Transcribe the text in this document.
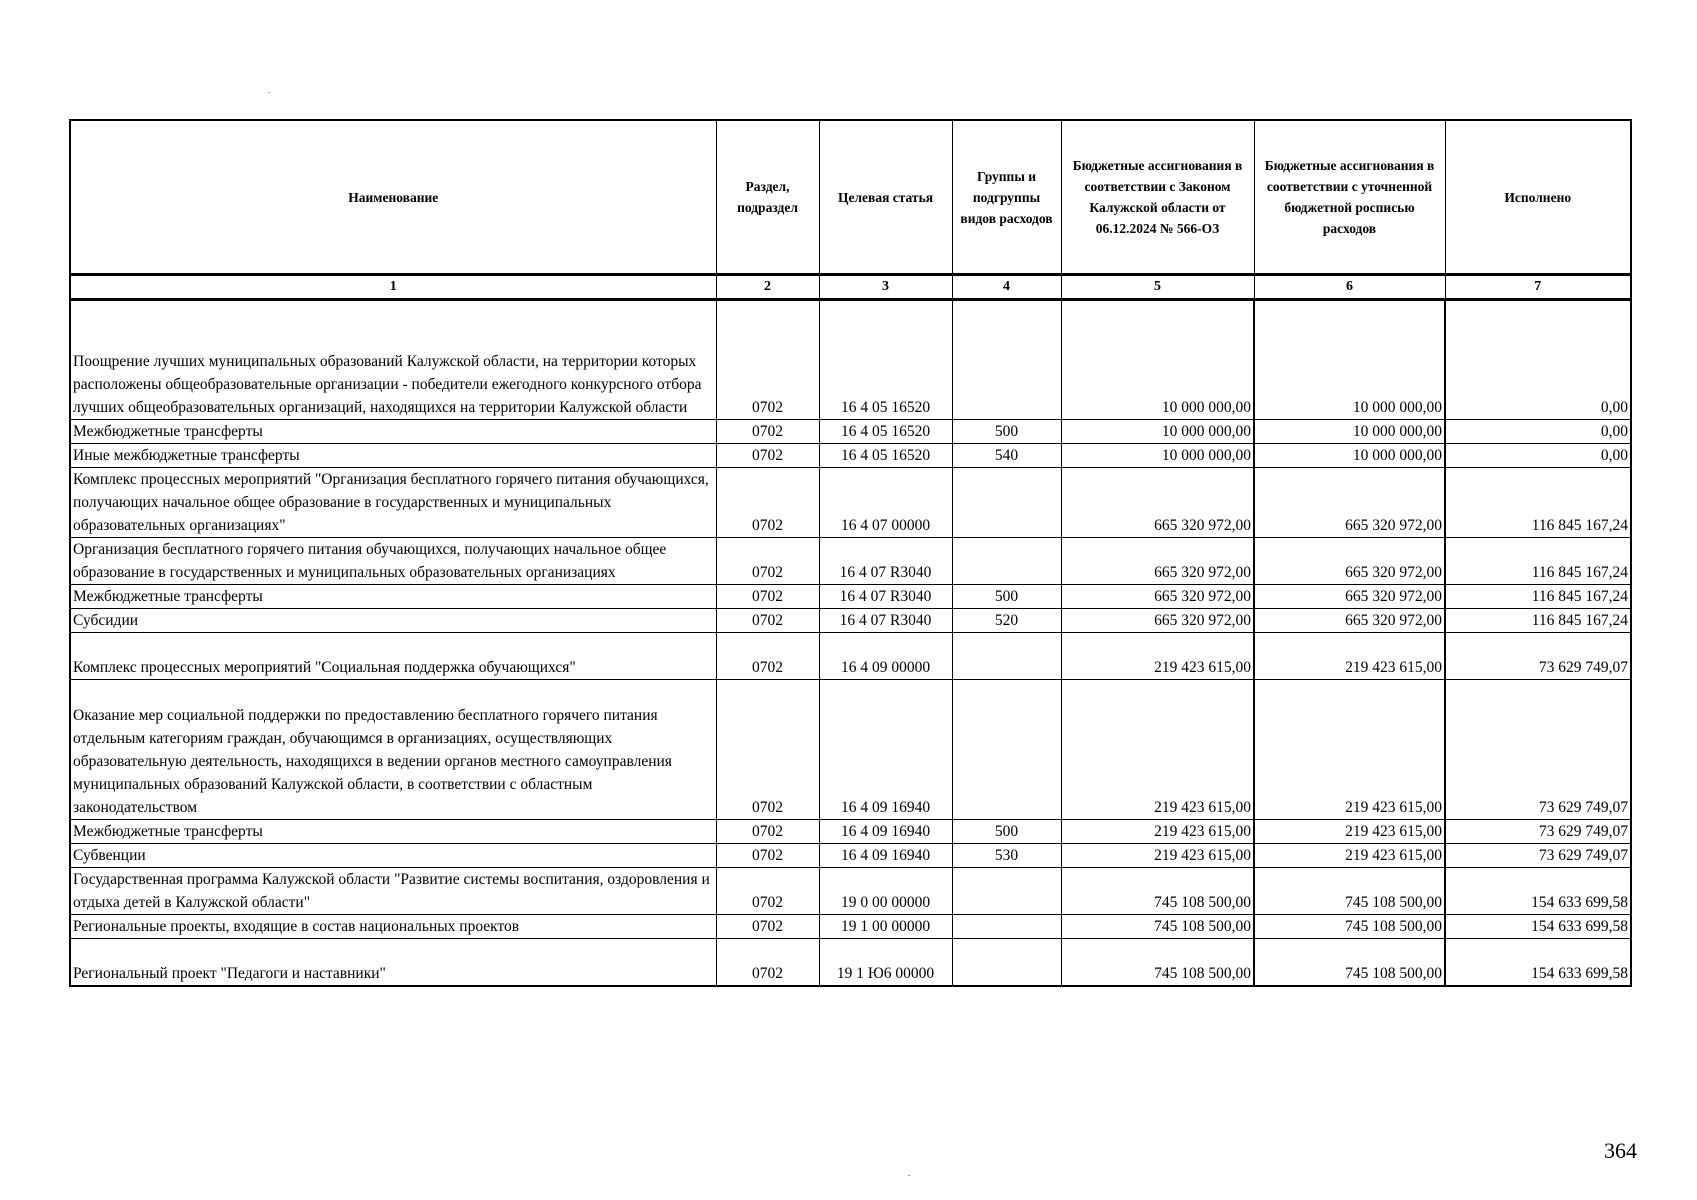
Наименование	Раздел, подраздел	Целевая статья	Группы и подгруппы видов расходов	Бюджетные ассигнования в соответствии с Законом Калужской области от 06.12.2024 № 566-ОЗ	Бюджетные ассигнования в соответствии с уточненной бюджетной росписью расходов	Исполнено
1	2	3	4	5	6	7
Поощрение лучших муниципальных образований Калужской области, на территории которых расположены общеобразовательные организации - победители ежегодного конкурсного отбора лучших общеобразовательных организаций, находящихся на территории Калужской области	0702	16 4 05 16520		10 000 000,00	10 000 000,00	0,00
Межбюджетные трансферты	0702	16 4 05 16520	500	10 000 000,00	10 000 000,00	0,00
Иные межбюджетные трансферты	0702	16 4 05 16520	540	10 000 000,00	10 000 000,00	0,00
Комплекс процессных мероприятий "Организация бесплатного горячего питания обучающихся, получающих начальное общее образование в государственных и муниципальных образовательных организациях"	0702	16 4 07 00000		665 320 972,00	665 320 972,00	116 845 167,24
Организация бесплатного горячего питания обучающихся, получающих начальное общее образование в государственных и муниципальных образовательных организациях	0702	16 4 07 R3040		665 320 972,00	665 320 972,00	116 845 167,24
Межбюджетные трансферты	0702	16 4 07 R3040	500	665 320 972,00	665 320 972,00	116 845 167,24
Субсидии	0702	16 4 07 R3040	520	665 320 972,00	665 320 972,00	116 845 167,24
Комплекс процессных мероприятий "Социальная поддержка обучающихся"	0702	16 4 09 00000		219 423 615,00	219 423 615,00	73 629 749,07
Оказание мер социальной поддержки по предоставлению бесплатного горячего питания отдельным категориям граждан, обучающимся в организациях, осуществляющих образовательную деятельность, находящихся в ведении органов местного самоуправления муниципальных образований Калужской области, в соответствии с областным законодательством	0702	16 4 09 16940		219 423 615,00	219 423 615,00	73 629 749,07
Межбюджетные трансферты	0702	16 4 09 16940	500	219 423 615,00	219 423 615,00	73 629 749,07
Субвенции	0702	16 4 09 16940	530	219 423 615,00	219 423 615,00	73 629 749,07
Государственная программа Калужской области "Развитие системы воспитания, оздоровления и отдыха детей в Калужской области"	0702	19 0 00 00000		745 108 500,00	745 108 500,00	154 633 699,58
Региональные проекты, входящие в состав национальных проектов	0702	19 1 00 00000		745 108 500,00	745 108 500,00	154 633 699,58
Региональный проект "Педагоги и наставники"	0702	19 1 Ю6 00000		745 108 500,00	745 108 500,00	154 633 699,58
364
